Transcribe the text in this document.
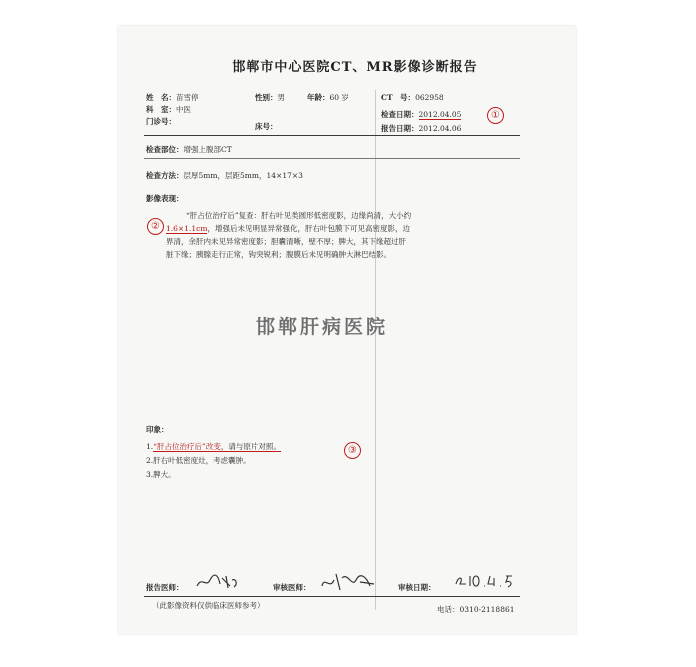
邯郸市中心医院CT、MR影像诊断报告
姓　名：苗雪停	性别：男	年龄：60 岁	CT　号：062958
科　室：中医
检查日期：2012.04.05	①
门诊号：
床号：	报告日期：2012.04.06
检查部位：增强上腹部CT
检查方法：层厚5mm，层距5mm，14×17×3
影像表现：
②
“肝占位治疗后”复查：肝右叶见类圆形低密度影，边缘尚清，大小约
1.6×1.1cm，增强后未见明显异常强化，肝右叶包膜下可见高密度影，边
界清，余肝内未见异常密度影；胆囊清晰，壁不厚；脾大，其下缘超过肝
脏下缘；胰腺走行正常，钩突锐利；腹膜后未见明确肿大淋巴结影。
邯郸肝病医院
印象：
1.“肝占位治疗后”改变，请与原片对照。
2.肝右叶低密度灶，考虑囊肿。
3.脾大。
③
报告医师：	审核医师：	审核日期：
（此影像资料仅供临床医师参考）	电话：0310-2118861
